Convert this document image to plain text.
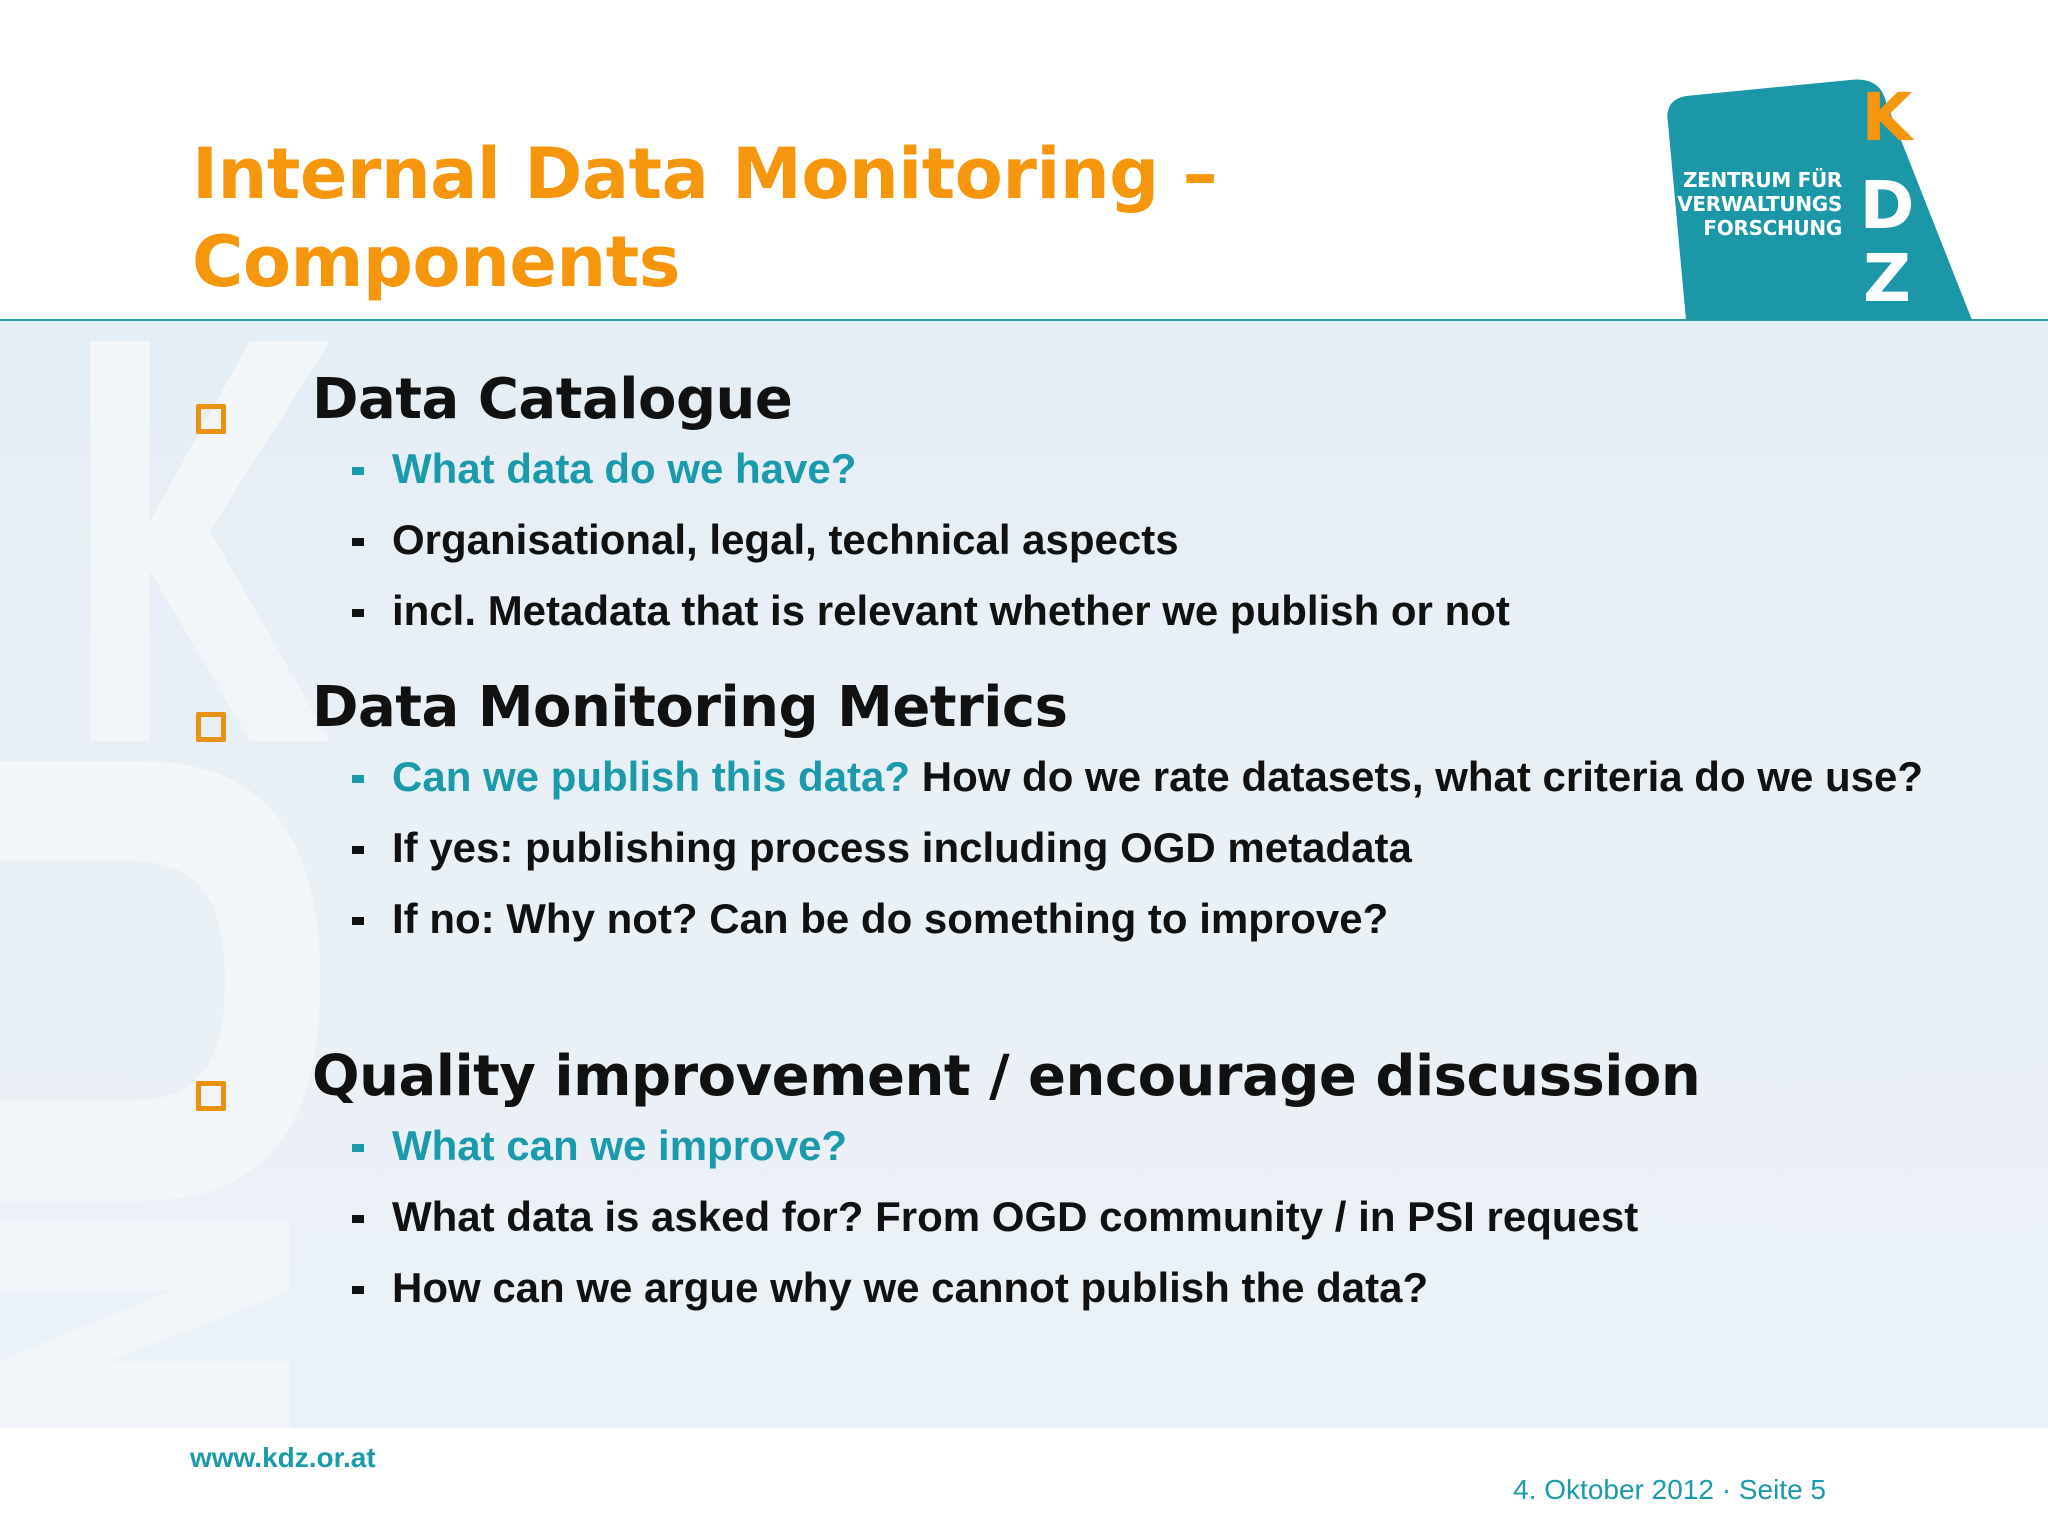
Internal Data Monitoring –
Components
K
D
Z
ZENTRUM FÜR
VERWALTUNGS
FORSCHUNG
Data Catalogue
What data do we have?
Organisational, legal, technical aspects
incl. Metadata that is relevant whether we publish or not
Data Monitoring Metrics
Can we publish this data? How do we rate datasets, what criteria do we use?
If yes: publishing process including OGD metadata
If no: Why not? Can be do something to improve?
Quality improvement / encourage discussion
What can we improve?
What data is asked for? From OGD community / in PSI request
How can we argue why we cannot publish the data?
www.kdz.or.at
4. Oktober 2012 · Seite 5
